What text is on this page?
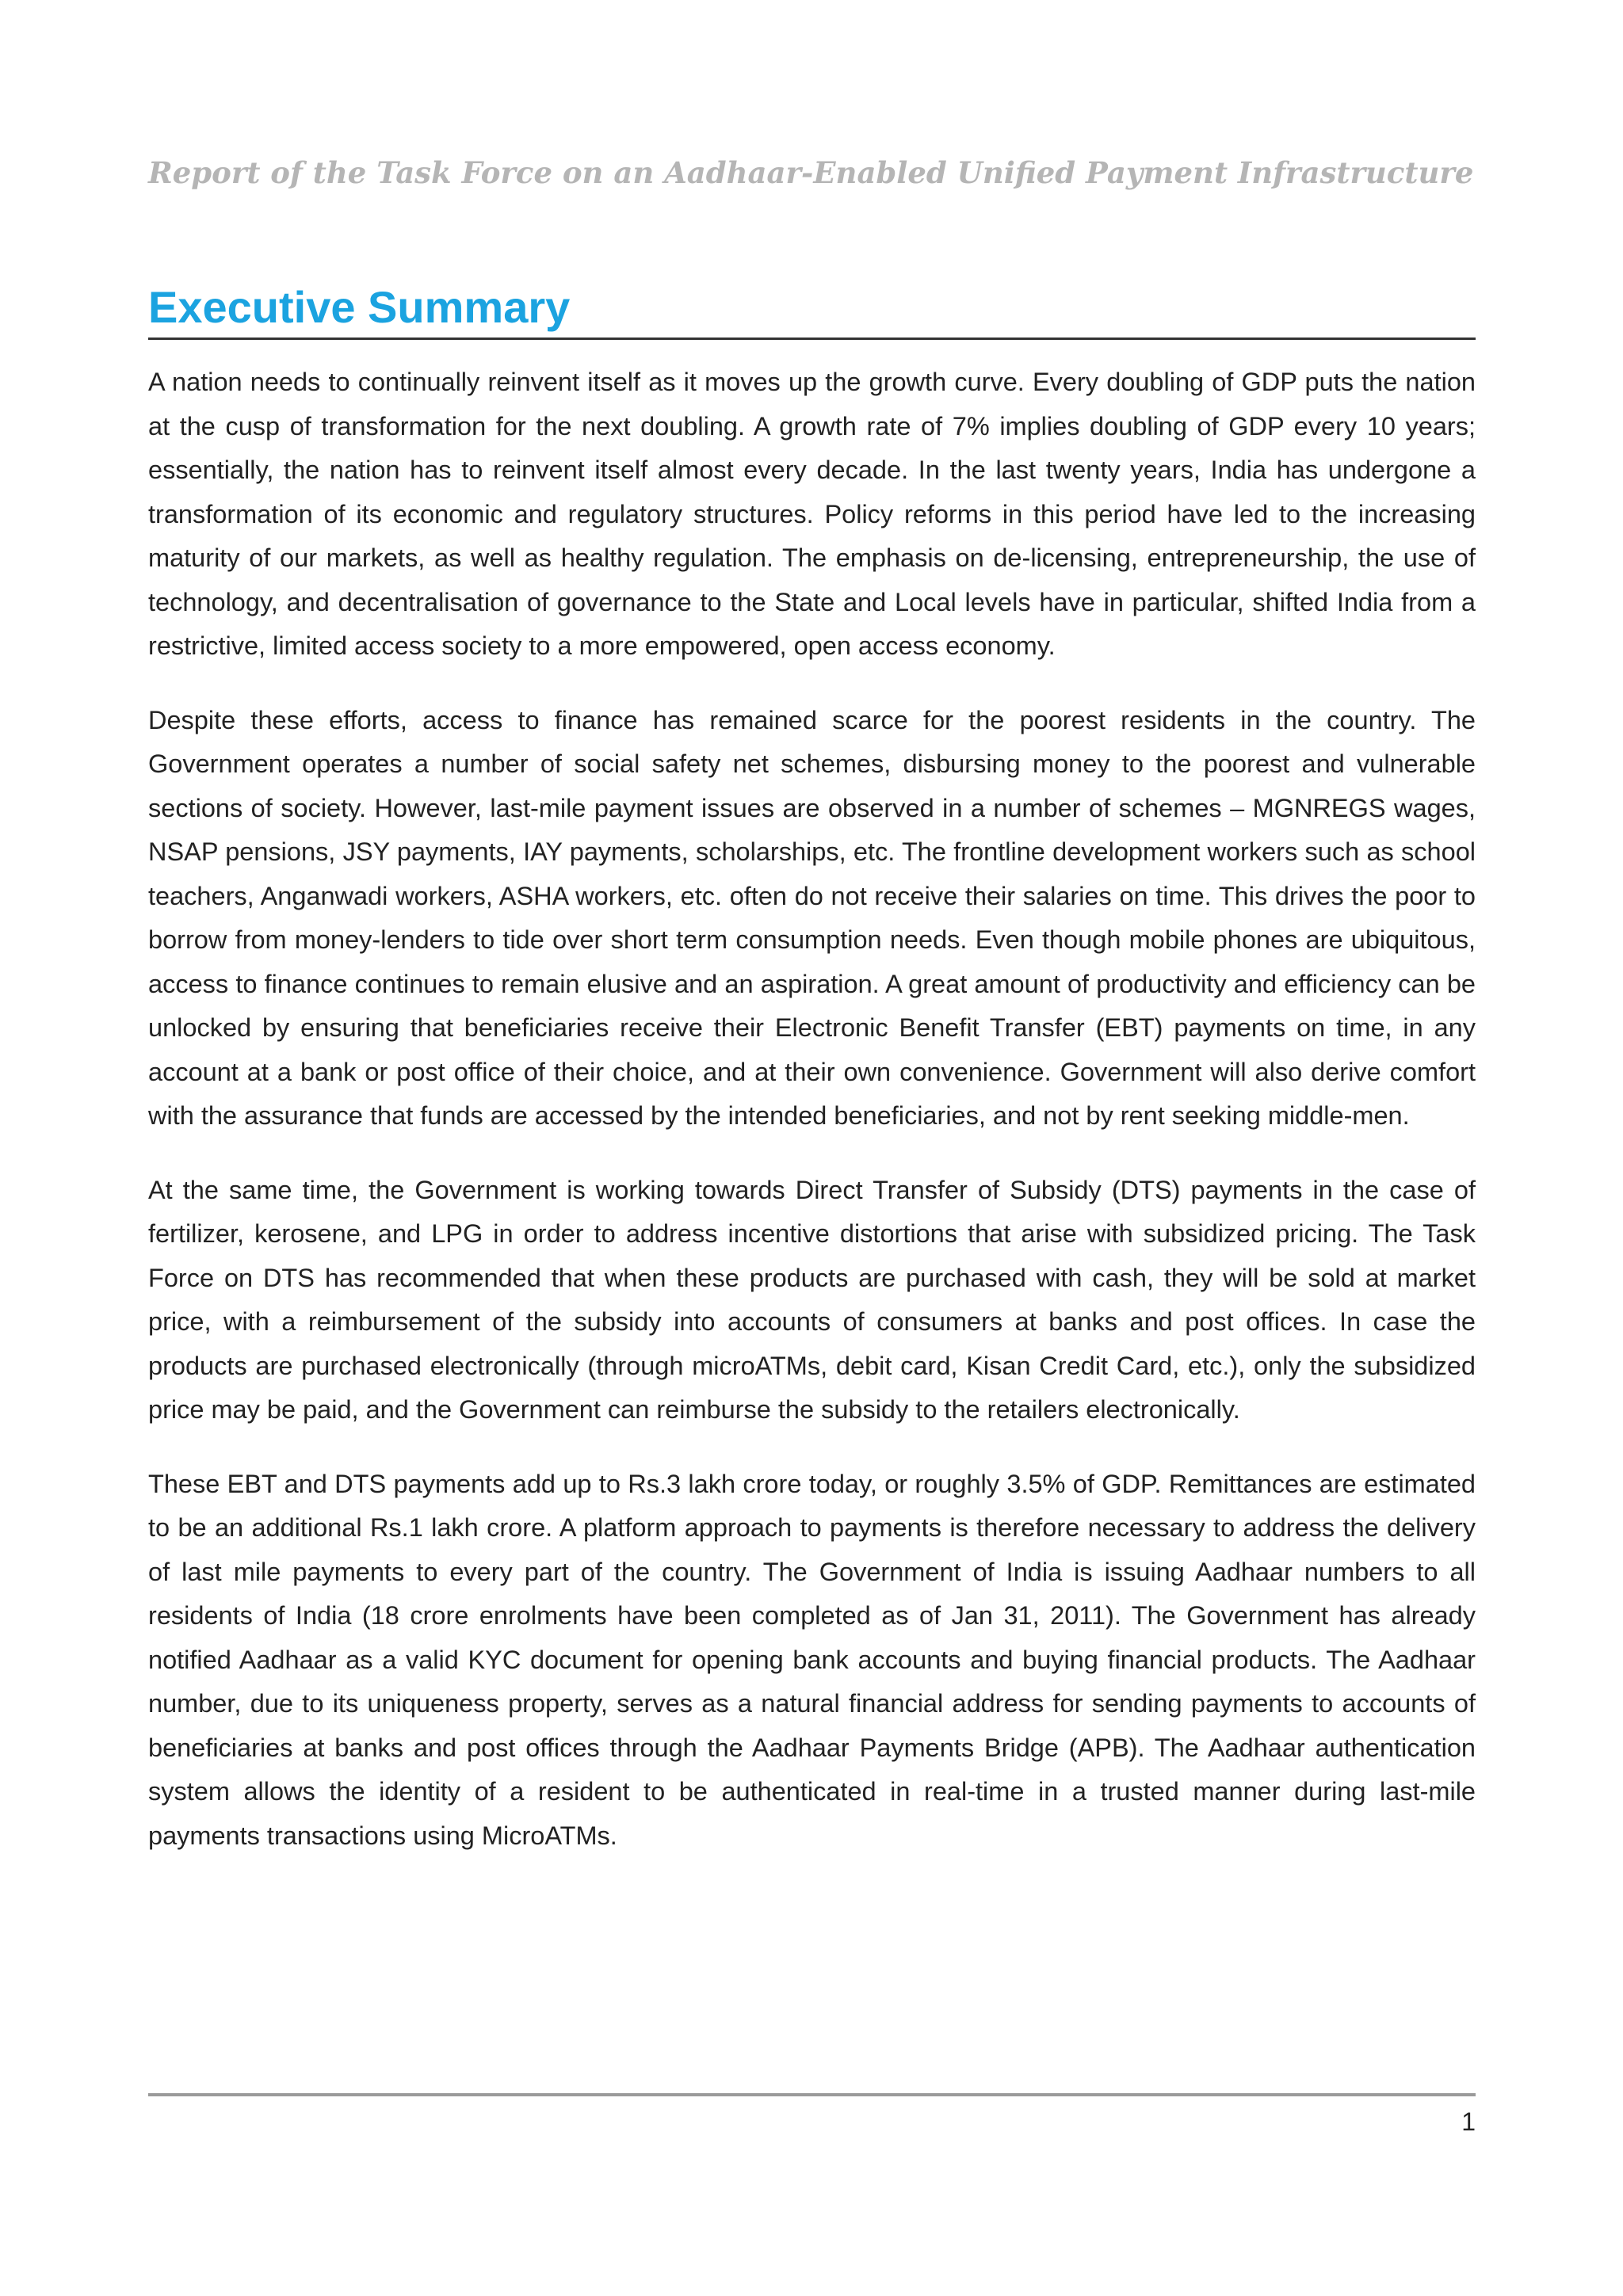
Report of the Task Force on an Aadhaar-Enabled Unified Payment Infrastructure
Executive Summary

A nation needs to continually reinvent itself as it moves up the growth curve. Every doubling of GDP puts the nation at the cusp of transformation for the next doubling. A growth rate of 7% implies doubling of GDP every 10 years; essentially, the nation has to reinvent itself almost every decade. In the last twenty years, India has undergone a transformation of its economic and regulatory structures. Policy reforms in this period have led to the increasing maturity of our markets, as well as healthy regulation. The emphasis on de-licensing, entrepreneurship, the use of technology, and decentralisation of governance to the State and Local levels have in particular, shifted India from a restrictive, limited access society to a more empowered, open access economy.

Despite these efforts, access to finance has remained scarce for the poorest residents in the country. The Government operates a number of social safety net schemes, disbursing money to the poorest and vulnerable sections of society. However, last-mile payment issues are observed in a number of schemes – MGNREGS wages, NSAP pensions, JSY payments, IAY payments, scholarships, etc. The frontline development workers such as school teachers, Anganwadi workers, ASHA workers, etc. often do not receive their salaries on time. This drives the poor to borrow from money-lenders to tide over short term consumption needs. Even though mobile phones are ubiquitous, access to finance continues to remain elusive and an aspiration. A great amount of productivity and efficiency can be unlocked by ensuring that beneficiaries receive their Electronic Benefit Transfer (EBT) payments on time, in any account at a bank or post office of their choice, and at their own convenience. Government will also derive comfort with the assurance that funds are accessed by the intended beneficiaries, and not by rent seeking middle-men.

At the same time, the Government is working towards Direct Transfer of Subsidy (DTS) payments in the case of fertilizer, kerosene, and LPG in order to address incentive distortions that arise with subsidized pricing. The Task Force on DTS has recommended that when these products are purchased with cash, they will be sold at market price, with a reimbursement of the subsidy into accounts of consumers at banks and post offices. In case the products are purchased electronically (through microATMs, debit card, Kisan Credit Card, etc.), only the subsidized price may be paid, and the Government can reimburse the subsidy to the retailers electronically.

These EBT and DTS payments add up to Rs.3 lakh crore today, or roughly 3.5% of GDP. Remittances are estimated to be an additional Rs.1 lakh crore. A platform approach to payments is therefore necessary to address the delivery of last mile payments to every part of the country. The Government of India is issuing Aadhaar numbers to all residents of India (18 crore enrolments have been completed as of Jan 31, 2011). The Government has already notified Aadhaar as a valid KYC document for opening bank accounts and buying financial products. The Aadhaar number, due to its uniqueness property, serves as a natural financial address for sending payments to accounts of beneficiaries at banks and post offices through the Aadhaar Payments Bridge (APB). The Aadhaar authentication system allows the identity of a resident to be authenticated in real-time in a trusted manner during last-mile payments transactions using MicroATMs.

1
